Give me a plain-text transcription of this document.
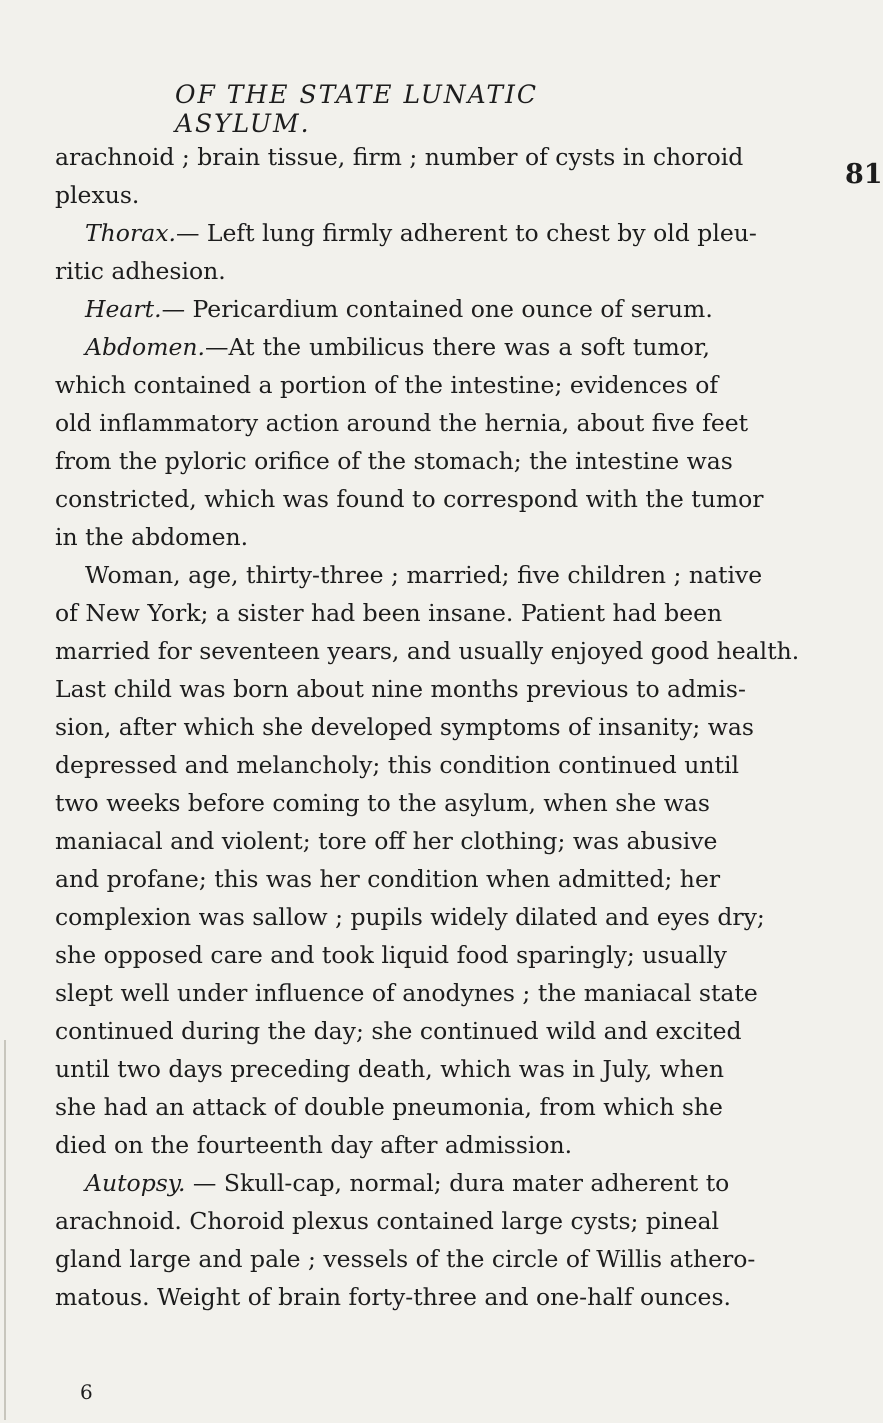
OF THE STATE LUNATIC ASYLUM.
81
arachnoid ; brain tissue, firm ; number of cysts in choroid
plexus.
Thorax.— Left lung firmly adherent to chest by old pleu-
ritic adhesion.
Heart.— Pericardium contained one ounce of serum.
Abdomen.—At the umbilicus there was a soft tumor,
which contained a portion of the intestine; evidences of
old inflammatory action around the hernia, about five feet
from the pyloric orifice of the stomach; the intestine was
constricted, which was found to correspond with the tumor
in the abdomen.
Woman, age, thirty-three ; married; five children ; native
of New York; a sister had been insane. Patient had been
married for seventeen years, and usually enjoyed good health.
Last child was born about nine months previous to admis-
sion, after which she developed symptoms of insanity; was
depressed and melancholy; this condition continued until
two weeks before coming to the asylum, when she was
maniacal and violent; tore off her clothing; was abusive
and profane; this was her condition when admitted; her
complexion was sallow ; pupils widely dilated and eyes dry;
she opposed care and took liquid food sparingly; usually
slept well under influence of anodynes ; the maniacal state
continued during the day; she continued wild and excited
until two days preceding death, which was in July, when
she had an attack of double pneumonia, from which she
died on the fourteenth day after admission.
Autopsy. — Skull-cap, normal; dura mater adherent to
arachnoid. Choroid plexus contained large cysts; pineal
gland large and pale ; vessels of the circle of Willis athero-
matous. Weight of brain forty-three and one-half ounces.
6
